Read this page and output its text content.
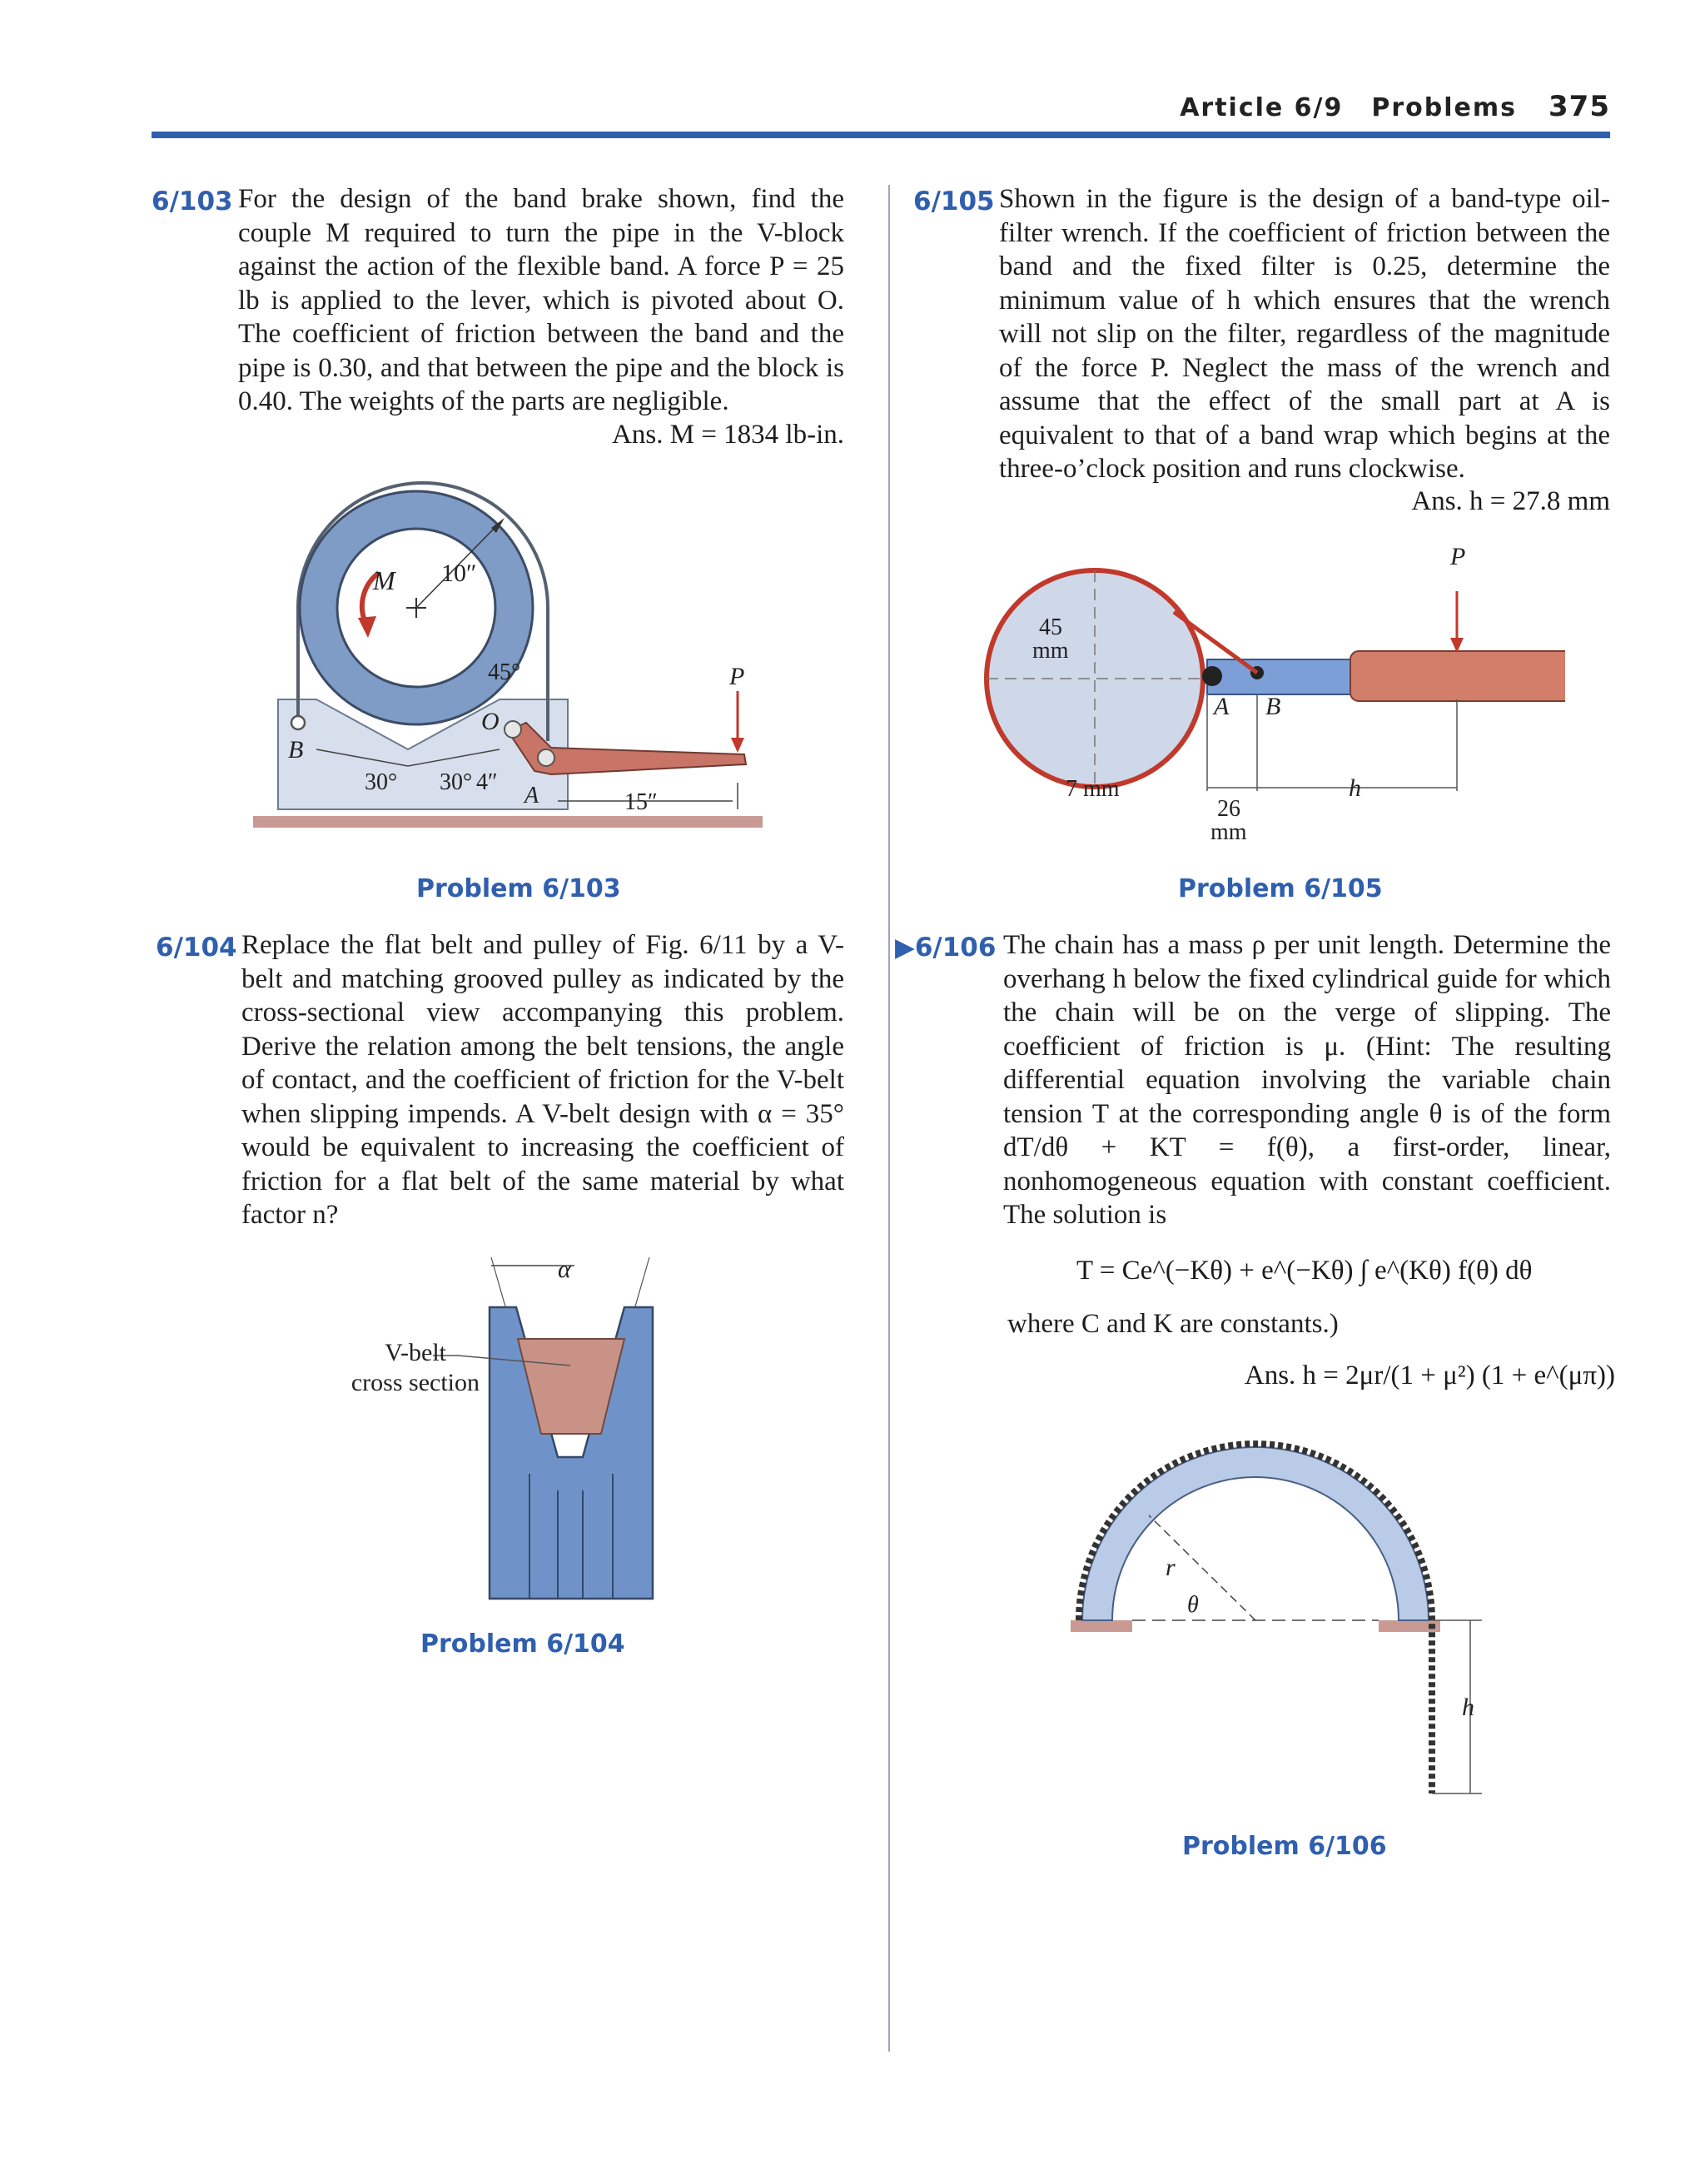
Article 6/9 Problems 375
6/103 For the design of the band brake shown, find the couple M required to turn the pipe in the V-block against the action of the flexible band. A force P = 25 lb is applied to the lever, which is pivoted about O. The coefficient of friction between the band and the pipe is 0.30, and that between the pipe and the block is 0.40. The weights of the parts are negligible.
Ans. M = 1834 lb-in.
M 10″
45°
O
P
B
30° 30° 4″
A	15″
Problem 6/103
6/104 Replace the flat belt and pulley of Fig. 6/11 by a V-belt and matching grooved pulley as indicated by the cross-sectional view accompanying this problem. Derive the relation among the belt tensions, the angle of contact, and the coefficient of friction for the V-belt when slipping impends. A V-belt design with α = 35° would be equivalent to increasing the coefficient of friction for a flat belt of the same material by what factor n?
α
V-belt
cross section
Problem 6/104
6/105 Shown in the figure is the design of a band-type oil-filter wrench. If the coefficient of friction between the band and the fixed filter is 0.25, determine the minimum value of h which ensures that the wrench will not slip on the filter, regardless of the magnitude of the force P. Neglect the mass of the wrench and assume that the effect of the small part at A is equivalent to that of a band wrap which begins at the three-o’clock position and runs clockwise.
Ans. h = 27.8 mm
P
45
mm
A B
7 mm
26
mm
h
Problem 6/105
▶6/106 The chain has a mass ρ per unit length. Determine the overhang h below the fixed cylindrical guide for which the chain will be on the verge of slipping. The coefficient of friction is μ. (Hint: The resulting differential equation involving the variable chain tension T at the corresponding angle θ is of the form dT/dθ + KT = f(θ), a first-order, linear, nonhomogeneous equation with constant coefficient. The solution is
T = Ce^(−Kθ) + e^(−Kθ) ∫ e^(Kθ) f(θ) dθ
where C and K are constants.)
Ans. h = 2μr/(1 + μ²) (1 + e^(μπ))
r
θ
h
Problem 6/106
